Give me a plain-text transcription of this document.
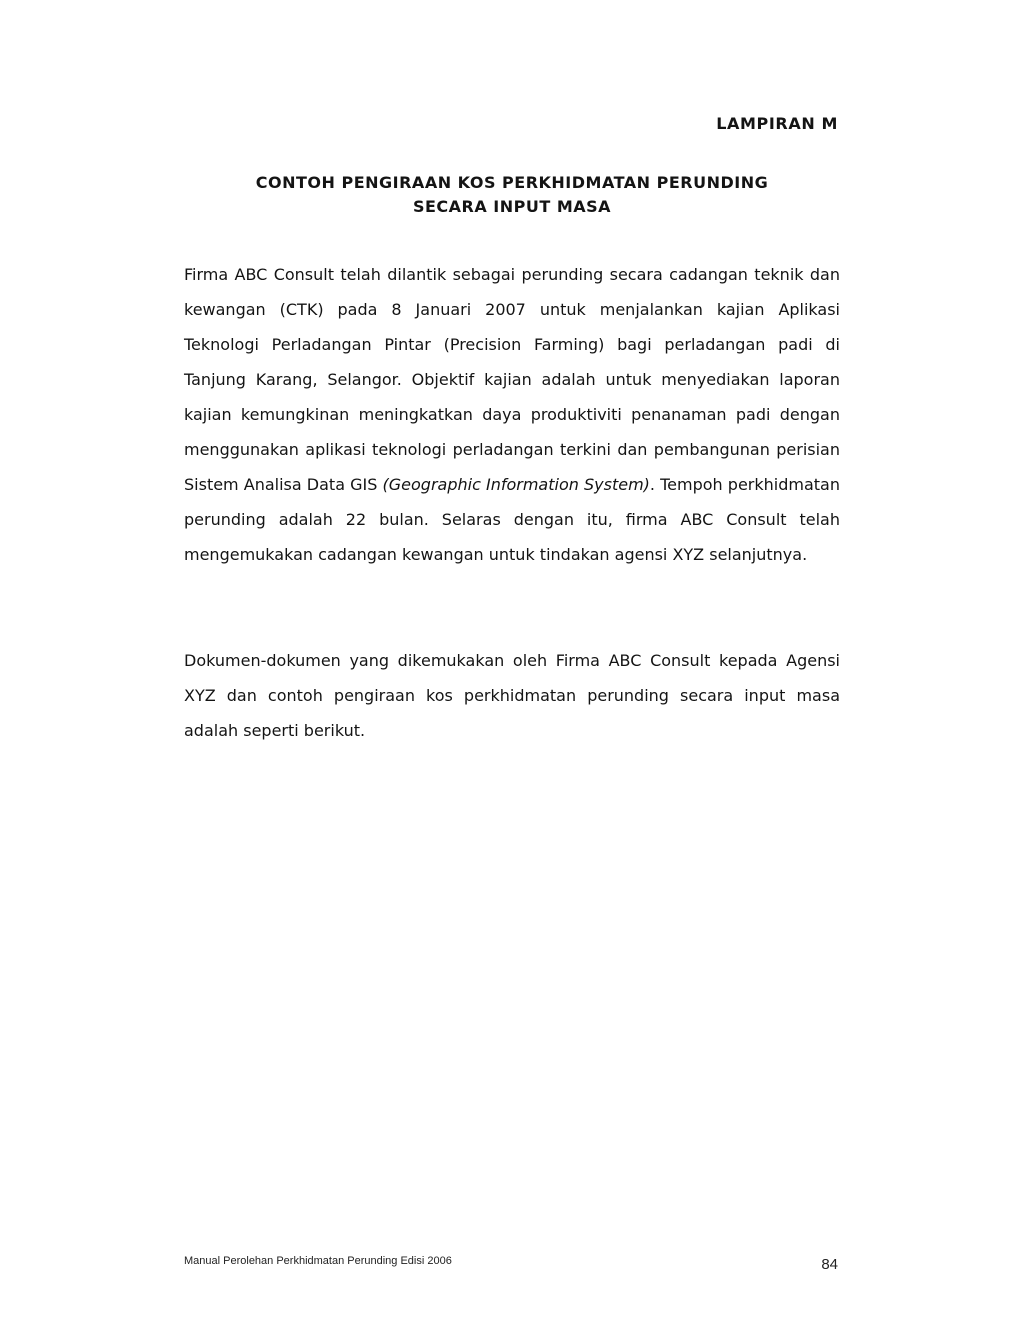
LAMPIRAN M
CONTOH PENGIRAAN KOS PERKHIDMATAN PERUNDING
SECARA INPUT MASA

Firma ABC Consult telah dilantik sebagai perunding secara cadangan teknik dan kewangan (CTK) pada 8 Januari 2007 untuk menjalankan kajian Aplikasi Teknologi Perladangan Pintar (Precision Farming) bagi perladangan padi di Tanjung Karang, Selangor. Objektif kajian adalah untuk menyediakan laporan kajian kemungkinan meningkatkan daya produktiviti penanaman padi dengan menggunakan aplikasi teknologi perladangan terkini dan pembangunan perisian Sistem Analisa Data GIS (Geographic Information System). Tempoh perkhidmatan perunding adalah 22 bulan. Selaras dengan itu, firma ABC Consult telah mengemukakan cadangan kewangan untuk tindakan agensi XYZ selanjutnya.

Dokumen-dokumen yang dikemukakan oleh Firma ABC Consult kepada Agensi XYZ dan contoh pengiraan kos perkhidmatan perunding secara input masa adalah seperti berikut.

Manual Perolehan Perkhidmatan Perunding Edisi 2006	84
